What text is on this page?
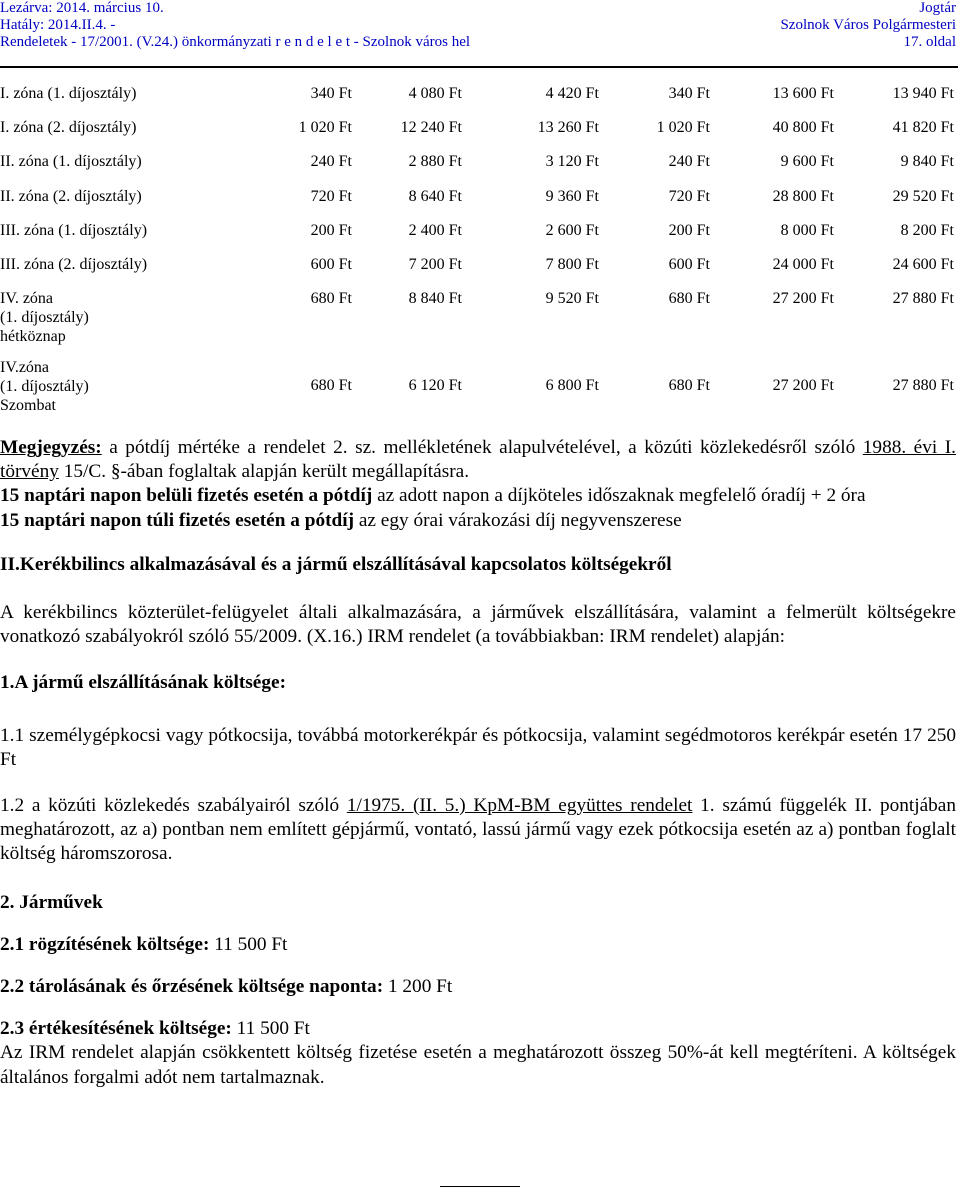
Lezárva: 2014. március 10.
Hatály: 2014.II.4. -
Rendeletek - 17/2001. (V.24.) önkormányzati r e n d e l e t - Szolnok város hel
Jogtár
Szolnok Város Polgármesteri
17. oldal
I. zóna (1. díjosztály)	340 Ft	4 080 Ft	4 420 Ft	340 Ft	13 600 Ft	13 940 Ft

I. zóna (2. díjosztály)	1 020 Ft	12 240 Ft	13 260 Ft	1 020 Ft	40 800 Ft	41 820 Ft

II. zóna (1. díjosztály)	240 Ft	2 880 Ft	3 120 Ft	240 Ft	9 600 Ft	9 840 Ft

II. zóna (2. díjosztály)	720 Ft	8 640 Ft	9 360 Ft	720 Ft	28 800 Ft	29 520 Ft

III. zóna (1. díjosztály)	200 Ft	2 400 Ft	2 600 Ft	200 Ft	8 000 Ft	8 200 Ft

III. zóna (2. díjosztály)	600 Ft	7 200 Ft	7 800 Ft	600 Ft	24 000 Ft	24 600 Ft

IV. zóna
(1. díjosztály)
hétköznap	680 Ft	8 840 Ft	9 520 Ft	680 Ft	27 200 Ft	27 880 Ft

IV.zóna
(1. díjosztály)
Szombat	680 Ft	6 120 Ft	6 800 Ft	680 Ft	27 200 Ft	27 880 Ft

Megjegyzés: a pótdíj mértéke a rendelet 2. sz. mellékletének alapulvételével, a közúti közlekedésről szóló 1988. évi I. törvény 15/C. §-ában foglaltak alapján került megállapításra.

15 naptári napon belüli fizetés esetén a pótdíj az adott napon a díjköteles időszaknak megfelelő óradíj + 2 óra

15 naptári napon túli fizetés esetén a pótdíj az egy órai várakozási díj negyvenszerese

II.Kerékbilincs alkalmazásával és a jármű elszállításával kapcsolatos költségekről

A kerékbilincs közterület-felügyelet általi alkalmazására, a járművek elszállítására, valamint a felmerült költségekre vonatkozó szabályokról szóló 55/2009. (X.16.) IRM rendelet (a továbbiakban: IRM rendelet) alapján:

1.A jármű elszállításának költsége:

1.1 személygépkocsi vagy pótkocsija, továbbá motorkerékpár és pótkocsija, valamint segédmotoros kerékpár esetén 17 250 Ft

1.2 a közúti közlekedés szabályairól szóló 1/1975. (II. 5.) KpM-BM együttes rendelet 1. számú függelék II. pontjában meghatározott, az a) pontban nem említett gépjármű, vontató, lassú jármű vagy ezek pótkocsija esetén az a) pontban foglalt költség háromszorosa.

2. Járművek

2.1 rögzítésének költsége: 11 500 Ft

2.2 tárolásának és őrzésének költsége naponta: 1 200 Ft

2.3 értékesítésének költsége: 11 500 Ft

Az IRM rendelet alapján csökkentett költség fizetése esetén a meghatározott összeg 50%-át kell megtéríteni. A költségek általános forgalmi adót nem tartalmaznak.
